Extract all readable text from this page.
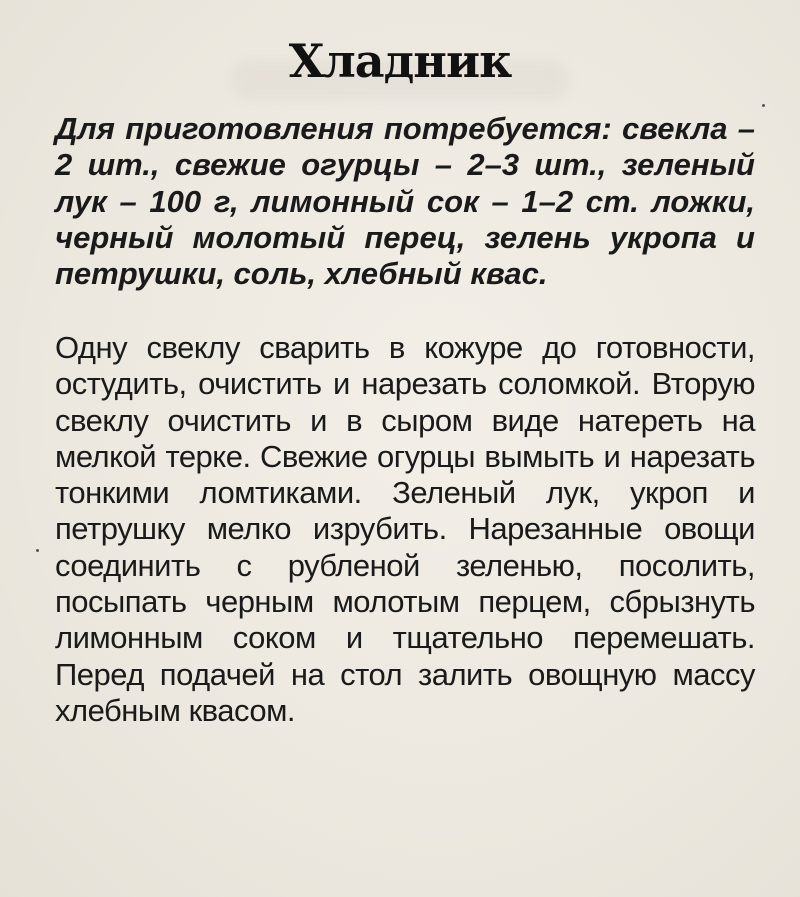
Хладник
Для приготовления потребуется: свекла – 2 шт., свежие огурцы – 2–3 шт., зеленый лук – 100 г, лимонный сок – 1–2 ст. ложки, черный молотый перец, зелень укропа и петрушки, соль, хлебный квас.
Одну свеклу сварить в кожуре до готовности, остудить, очистить и нарезать соломкой. Вторую свеклу очистить и в сыром виде натереть на мелкой терке. Свежие огурцы вымыть и нарезать тонкими ломтиками. Зеленый лук, укроп и петрушку мелко изрубить. Нарезанные овощи соединить с рубленой зеленью, посолить, посыпать черным молотым перцем, сбрызнуть лимонным соком и тщательно перемешать. Перед подачей на стол залить овощную массу хлебным квасом.
